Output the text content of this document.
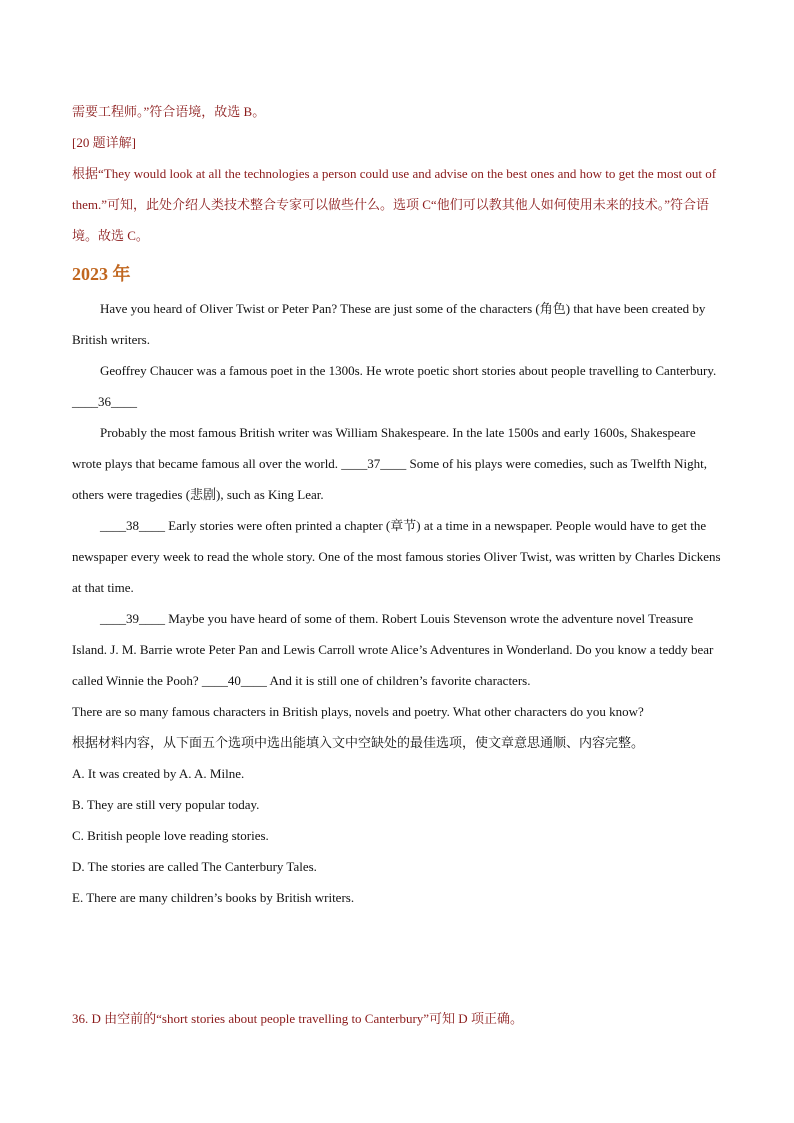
需要工程师。”符合语境，故选 B。

[20 题详解]

根据“They would look at all the technologies a person could use and advise on the best ones and how to get the most out of them.”可知，此处介绍人类技术整合专家可以做些什么。选项 C“他们可以教其他人如何使用未来的技术。”符合语境。故选 C。

2023 年

Have you heard of Oliver Twist or Peter Pan? These are just some of the characters (角色) that have been created by British writers.

Geoffrey Chaucer was a famous poet in the 1300s. He wrote poetic short stories about people travelling to Canterbury. ____36____

Probably the most famous British writer was William Shakespeare. In the late 1500s and early 1600s, Shakespeare wrote plays that became famous all over the world. ____37____ Some of his plays were comedies, such as Twelfth Night, others were tragedies (悲剧), such as King Lear.

____38____ Early stories were often printed a chapter (章节) at a time in a newspaper. People would have to get the newspaper every week to read the whole story. One of the most famous stories Oliver Twist, was written by Charles Dickens at that time.

____39____ Maybe you have heard of some of them. Robert Louis Stevenson wrote the adventure novel Treasure Island. J. M. Barrie wrote Peter Pan and Lewis Carroll wrote Alice’s Adventures in Wonderland. Do you know a teddy bear called Winnie the Pooh? ____40____ And it is still one of children’s favorite characters.

There are so many famous characters in British plays, novels and poetry. What other characters do you know?

根据材料内容，从下面五个选项中选出能填入文中空缺处的最佳选项，使文章意思通顺、内容完整。

A. It was created by A. A. Milne.

B. They are still very popular today.

C. British people love reading stories.

D. The stories are called The Canterbury Tales.

E. There are many children’s books by British writers.

36. D 由空前的“short stories about people travelling to Canterbury”可知 D 项正确。
